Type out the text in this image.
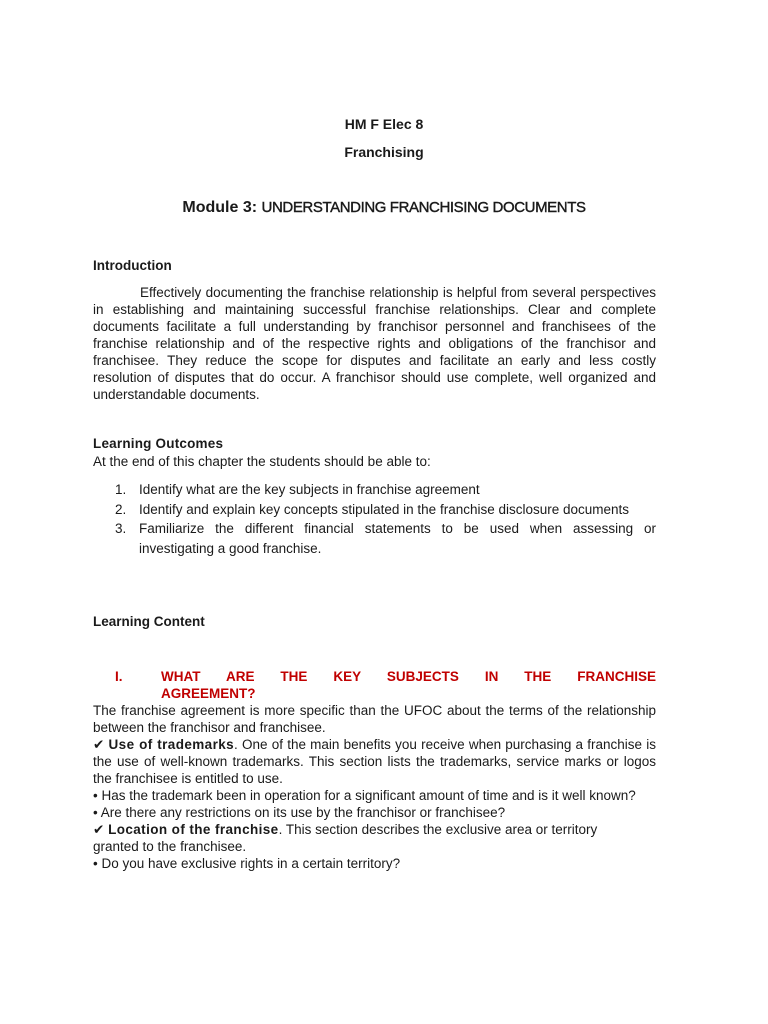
HM F Elec 8
Franchising
Module 3: UNDERSTANDING FRANCHISING DOCUMENTS
Introduction
Effectively documenting the franchise relationship is helpful from several perspectives in establishing and maintaining successful franchise relationships. Clear and complete documents facilitate a full understanding by franchisor personnel and franchisees of the franchise relationship and of the respective rights and obligations of the franchisor and franchisee. They reduce the scope for disputes and facilitate an early and less costly resolution of disputes that do occur. A franchisor should use complete, well organized and understandable documents.
Learning Outcomes
At the end of this chapter the students should be able to:
1. Identify what are the key subjects in franchise agreement
2. Identify and explain key concepts stipulated in the franchise disclosure documents
3. Familiarize the different financial statements to be used when assessing or investigating a good franchise.
Learning Content
I.	WHAT ARE THE KEY SUBJECTS IN THE FRANCHISE
AGREEMENT?

The franchise agreement is more specific than the UFOC about the terms of the relationship between the franchisor and franchisee.

✔ Use of trademarks. One of the main benefits you receive when purchasing a franchise is the use of well-known trademarks. This section lists the trademarks, service marks or logos the franchisee is entitled to use.

• Has the trademark been in operation for a significant amount of time and is it well known?

• Are there any restrictions on its use by the franchisor or franchisee?

✔ Location of the franchise. This section describes the exclusive area or territory

granted to the franchisee.

• Do you have exclusive rights in a certain territory?
